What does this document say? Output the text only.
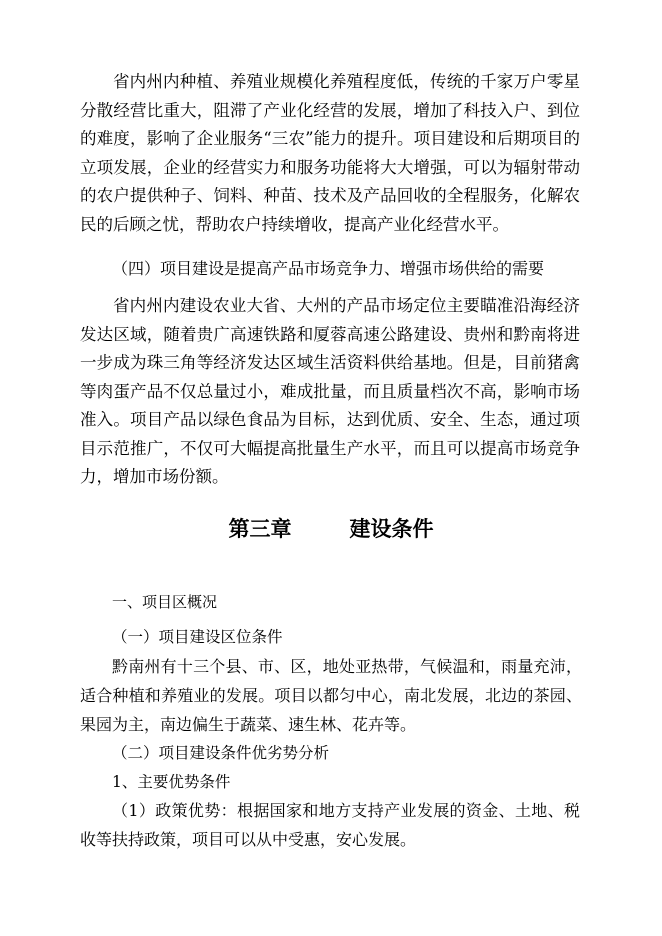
省内州内种植、养殖业规模化养殖程度低，传统的千家万户零星分散经营比重大，阻滞了产业化经营的发展，增加了科技入户、到位的难度，影响了企业服务“三农”能力的提升。项目建设和后期项目的立项发展，企业的经营实力和服务功能将大大增强，可以为辐射带动的农户提供种子、饲料、种苗、技术及产品回收的全程服务，化解农民的后顾之忧，帮助农户持续增收，提高产业化经营水平。

（四）项目建设是提高产品市场竞争力、增强市场供给的需要

省内州内建设农业大省、大州的产品市场定位主要瞄准沿海经济发达区域，随着贵广高速铁路和厦蓉高速公路建设、贵州和黔南将进一步成为珠三角等经济发达区域生活资料供给基地。但是，目前猪禽等肉蛋产品不仅总量过小，难成批量，而且质量档次不高，影响市场准入。项目产品以绿色食品为目标，达到优质、安全、生态，通过项目示范推广，不仅可大幅提高批量生产水平，而且可以提高市场竞争力，增加市场份额。

第三章	建设条件

一、项目区概况

（一）项目建设区位条件

黔南州有十三个县、市、区，地处亚热带，气候温和，雨量充沛，适合种植和养殖业的发展。项目以都匀中心，南北发展，北边的茶园、果园为主，南边偏生于蔬菜、速生林、花卉等。

（二）项目建设条件优劣势分析

1、主要优势条件

（1）政策优势：根据国家和地方支持产业发展的资金、土地、税收等扶持政策，项目可以从中受惠，安心发展。
